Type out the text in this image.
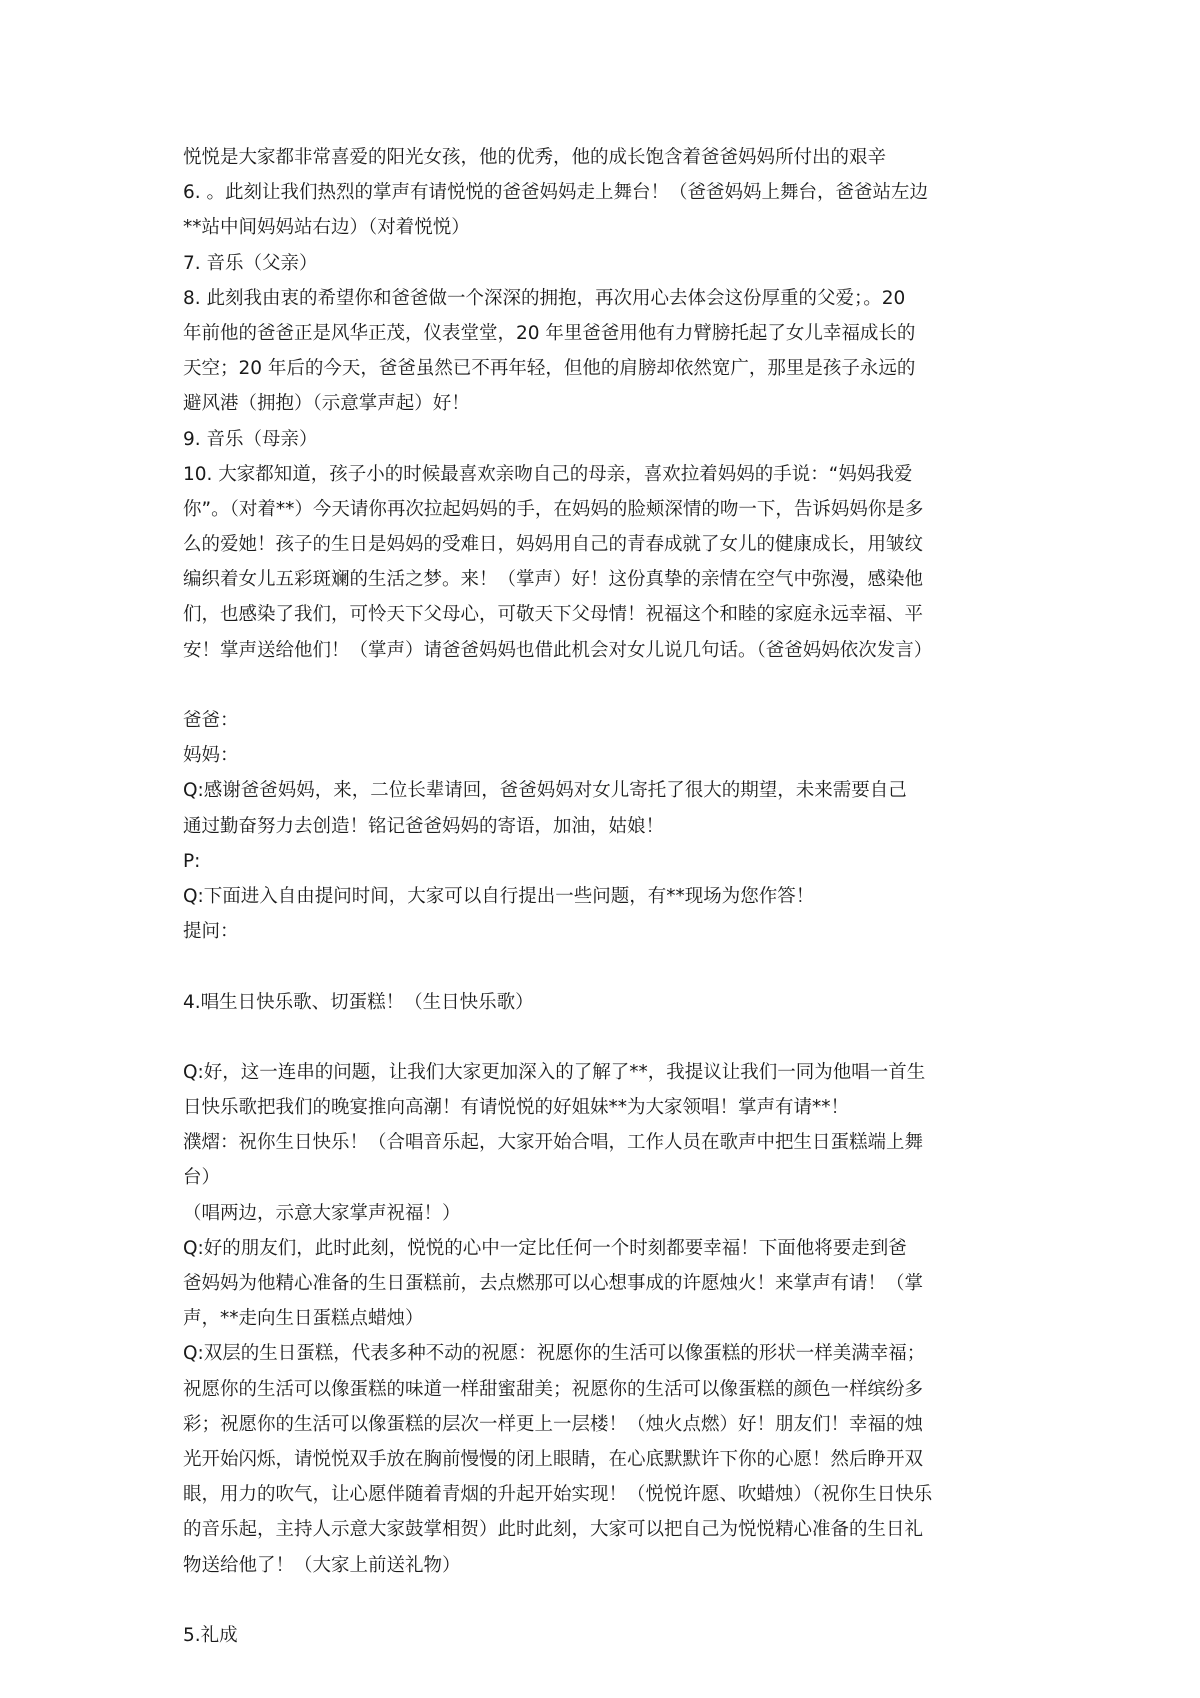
悦悦是大家都非常喜爱的阳光女孩，他的优秀，他的成长饱含着爸爸妈妈所付出的艰辛
6. 。此刻让我们热烈的掌声有请悦悦的爸爸妈妈走上舞台！（爸爸妈妈上舞台，爸爸站左边
**站中间妈妈站右边）（对着悦悦）
7. 音乐（父亲）
8. 此刻我由衷的希望你和爸爸做一个深深的拥抱，再次用心去体会这份厚重的父爱；。20
年前他的爸爸正是风华正茂，仪表堂堂，20 年里爸爸用他有力臂膀托起了女儿幸福成长的
天空；20 年后的今天，爸爸虽然已不再年轻，但他的肩膀却依然宽广，那里是孩子永远的
避风港（拥抱）（示意掌声起）好！
9. 音乐（母亲）
10. 大家都知道，孩子小的时候最喜欢亲吻自己的母亲，喜欢拉着妈妈的手说：“妈妈我爱
你”。（对着**）今天请你再次拉起妈妈的手，在妈妈的脸颊深情的吻一下，告诉妈妈你是多
么的爱她！孩子的生日是妈妈的受难日，妈妈用自己的青春成就了女儿的健康成长，用皱纹
编织着女儿五彩斑斓的生活之梦。来！（掌声）好！这份真挚的亲情在空气中弥漫，感染他
们，也感染了我们，可怜天下父母心，可敬天下父母情！祝福这个和睦的家庭永远幸福、平
安！掌声送给他们！（掌声）请爸爸妈妈也借此机会对女儿说几句话。（爸爸妈妈依次发言）
爸爸：
妈妈：
Q:感谢爸爸妈妈，来，二位长辈请回，爸爸妈妈对女儿寄托了很大的期望，未来需要自己
通过勤奋努力去创造！铭记爸爸妈妈的寄语，加油，姑娘！
P:
Q:下面进入自由提问时间，大家可以自行提出一些问题，有**现场为您作答！
提问：
4.唱生日快乐歌、切蛋糕！（生日快乐歌）
Q:好，这一连串的问题，让我们大家更加深入的了解了**，我提议让我们一同为他唱一首生
日快乐歌把我们的晚宴推向高潮！有请悦悦的好姐妹**为大家领唱！掌声有请**！
濮熠：祝你生日快乐！（合唱音乐起，大家开始合唱，工作人员在歌声中把生日蛋糕端上舞
台）
（唱两边，示意大家掌声祝福！）
Q:好的朋友们，此时此刻，悦悦的心中一定比任何一个时刻都要幸福！下面他将要走到爸
爸妈妈为他精心准备的生日蛋糕前，去点燃那可以心想事成的许愿烛火！来掌声有请！（掌
声，**走向生日蛋糕点蜡烛）
Q:双层的生日蛋糕，代表多种不动的祝愿：祝愿你的生活可以像蛋糕的形状一样美满幸福；
祝愿你的生活可以像蛋糕的味道一样甜蜜甜美；祝愿你的生活可以像蛋糕的颜色一样缤纷多
彩；祝愿你的生活可以像蛋糕的层次一样更上一层楼！（烛火点燃）好！朋友们！幸福的烛
光开始闪烁，请悦悦双手放在胸前慢慢的闭上眼睛，在心底默默许下你的心愿！然后睁开双
眼，用力的吹气，让心愿伴随着青烟的升起开始实现！（悦悦许愿、吹蜡烛）（祝你生日快乐
的音乐起，主持人示意大家鼓掌相贺）此时此刻，大家可以把自己为悦悦精心准备的生日礼
物送给他了！（大家上前送礼物）
5.礼成
